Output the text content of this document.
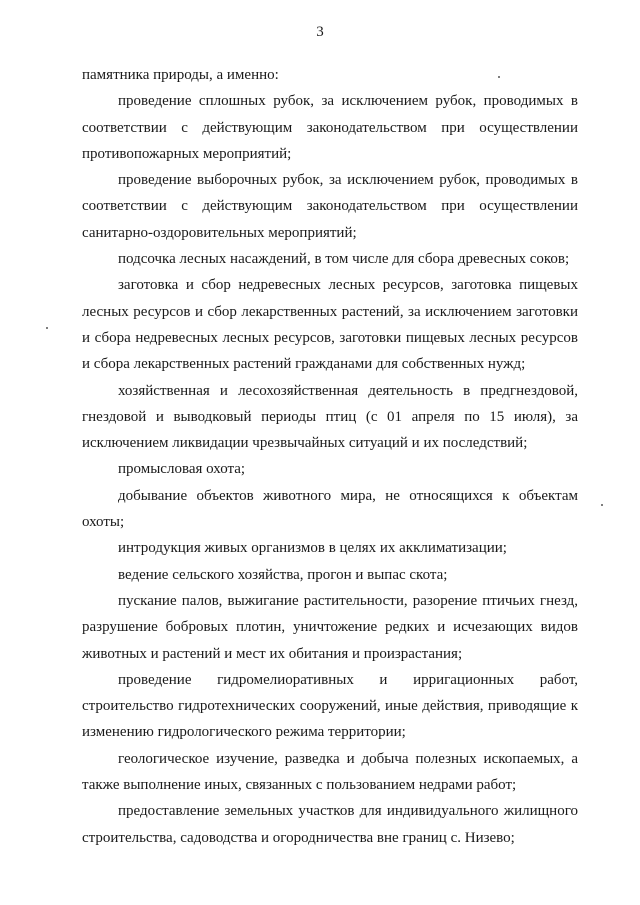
3

памятника природы, а именно:

проведение сплошных рубок, за исключением рубок, проводимых в соответствии с действующим законодательством при осуществлении противопожарных мероприятий;

проведение выборочных рубок, за исключением рубок, проводимых в соответствии с действующим законодательством при осуществлении санитарно-оздоровительных мероприятий;

подсочка лесных насаждений, в том числе для сбора древесных соков;

заготовка и сбор недревесных лесных ресурсов, заготовка пищевых лесных ресурсов и сбор лекарственных растений, за исключением заготовки и сбора недревесных лесных ресурсов, заготовки пищевых лесных ресурсов и сбора лекарственных растений гражданами для собственных нужд;

хозяйственная и лесохозяйственная деятельность в предгнездовой, гнездовой и выводковый периоды птиц (с 01 апреля по 15 июля), за исключением ликвидации чрезвычайных ситуаций и их последствий;

промысловая охота;

добывание объектов животного мира, не относящихся к объектам охоты;

интродукция живых организмов в целях их акклиматизации;

ведение сельского хозяйства, прогон и выпас скота;

пускание палов, выжигание растительности, разорение птичьих гнезд, разрушение бобровых плотин, уничтожение редких и исчезающих видов животных и растений и мест их обитания и произрастания;

проведение гидромелиоративных и ирригационных работ, строительство гидротехнических сооружений, иные действия, приводящие к изменению гидрологического режима территории;

геологическое изучение, разведка и добыча полезных ископаемых, а также выполнение иных, связанных с пользованием недрами работ;

предоставление земельных участков для индивидуального жилищного строительства, садоводства и огородничества вне границ с. Низево;
